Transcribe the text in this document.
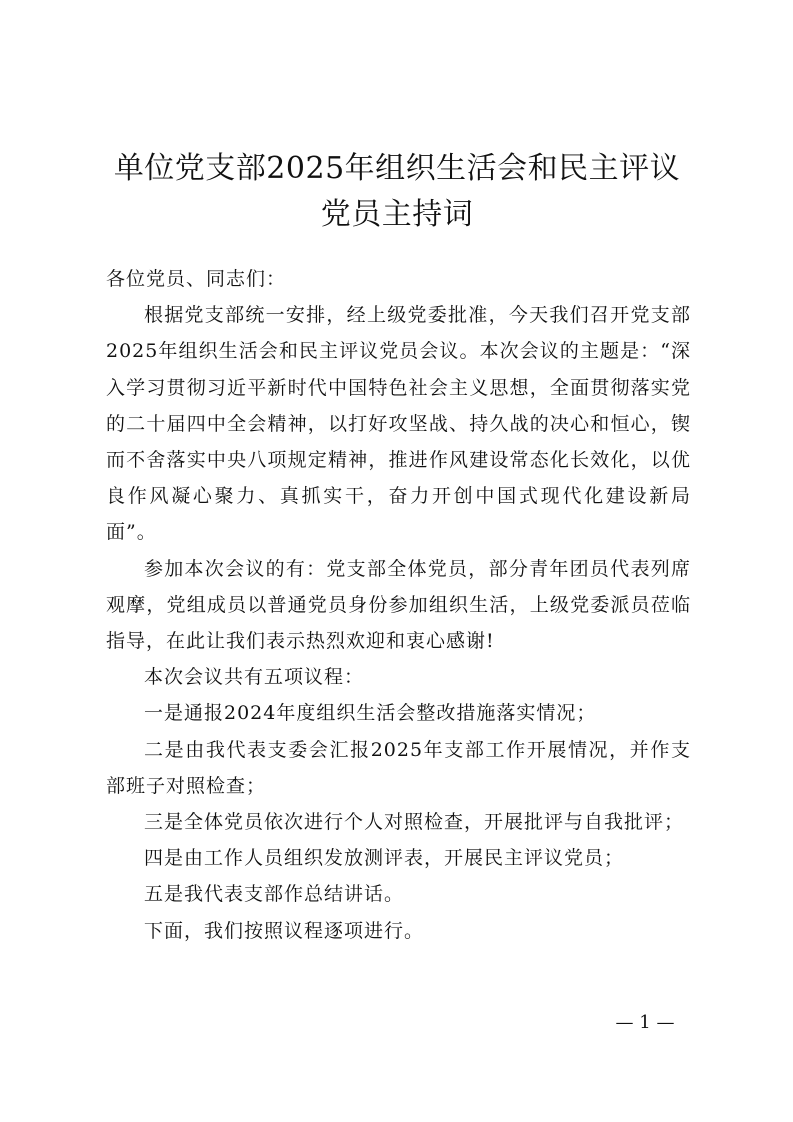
单位党支部2025年组织生活会和民主评议党员主持词

各位党员、同志们：

根据党支部统一安排，经上级党委批准，今天我们召开党支部2025年组织生活会和民主评议党员会议。本次会议的主题是：“深入学习贯彻习近平新时代中国特色社会主义思想，全面贯彻落实党的二十届四中全会精神，以打好攻坚战、持久战的决心和恒心，锲而不舍落实中央八项规定精神，推进作风建设常态化长效化，以优良作风凝心聚力、真抓实干，奋力开创中国式现代化建设新局面”。

参加本次会议的有：党支部全体党员，部分青年团员代表列席观摩，党组成员以普通党员身份参加组织生活，上级党委派员莅临指导，在此让我们表示热烈欢迎和衷心感谢!

本次会议共有五项议程：

一是通报2024年度组织生活会整改措施落实情况；

二是由我代表支委会汇报2025年支部工作开展情况，并作支部班子对照检查；

三是全体党员依次进行个人对照检查，开展批评与自我批评；

四是由工作人员组织发放测评表，开展民主评议党员；

五是我代表支部作总结讲话。

下面，我们按照议程逐项进行。

— 1 —
